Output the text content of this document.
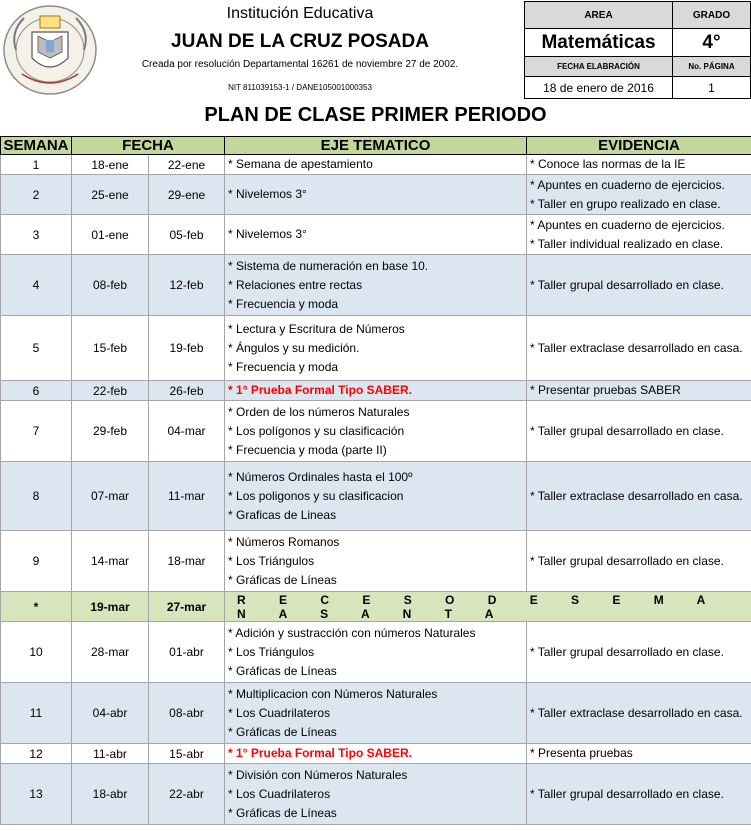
Institución Educativa
JUAN DE LA CRUZ POSADA
Creada por resolución Departamental 16261 de noviembre 27 de 2002.
NIT 811039153-1 / DANE105001000353
AREA	GRADO
Matemáticas	4°
FECHA ELABRACIÓN	No. PÁGINA
18 de enero de 2016	1
PLAN DE CLASE PRIMER PERIODO
SEMANA	FECHA		EJE TEMATICO	EVIDENCIA
1	18-ene	22-ene	* Semana de apestamiento	* Conoce las normas de la IE

2	25-ene	29-ene	* Nivelemos 3°	* Apuntes en cuaderno de ejercicios.
* Taller en grupo realizado en clase.

3	01-ene	05-feb	* Nivelemos 3°	* Apuntes en cuaderno de ejercicios.
* Taller individual realizado en clase.

4	08-feb	12-feb	* Sistema de numeración en base 10.
* Relaciones entre rectas
* Frecuencia y moda	* Taller grupal desarrollado en clase.

5	15-feb	19-feb	* Lectura y Escritura de Números
* Ángulos y su medición.
* Frecuencia y moda	* Taller extraclase desarrollado en casa.

6	22-feb	26-feb	* 1° Prueba Formal Tipo SABER.	* Presentar pruebas SABER

7	29-feb	04-mar	* Orden de los números Naturales
* Los polígonos y su clasificación
* Frecuencia y moda (parte II)	* Taller grupal desarrollado en clase.

8	07-mar	11-mar	* Números Ordinales hasta el 100º
* Los poligonos y su clasificacion
* Graficas de Lineas	* Taller extraclase desarrollado en casa.

9	14-mar	18-mar	* Números Romanos
* Los Triángulos
* Gráficas de Líneas	* Taller grupal desarrollado en clase.

*	19-mar	27-mar	R E C E S O D E S E M A N A S A N T A	
10	28-mar	01-abr	* Adición y sustracción con números Naturales
* Los Triángulos
* Gráficas de Líneas	* Taller grupal desarrollado en clase.

11	04-abr	08-abr	* Multiplicacion con Números Naturales
* Los Cuadrilateros
* Gráficas de Líneas	* Taller extraclase desarrollado en casa.

12	11-abr	15-abr	* 1° Prueba Formal Tipo SABER.	* Presenta pruebas

13	18-abr	22-abr	* División con Números Naturales
* Los Cuadrilateros
* Gráficas de Líneas	* Taller grupal desarrollado en clase.
